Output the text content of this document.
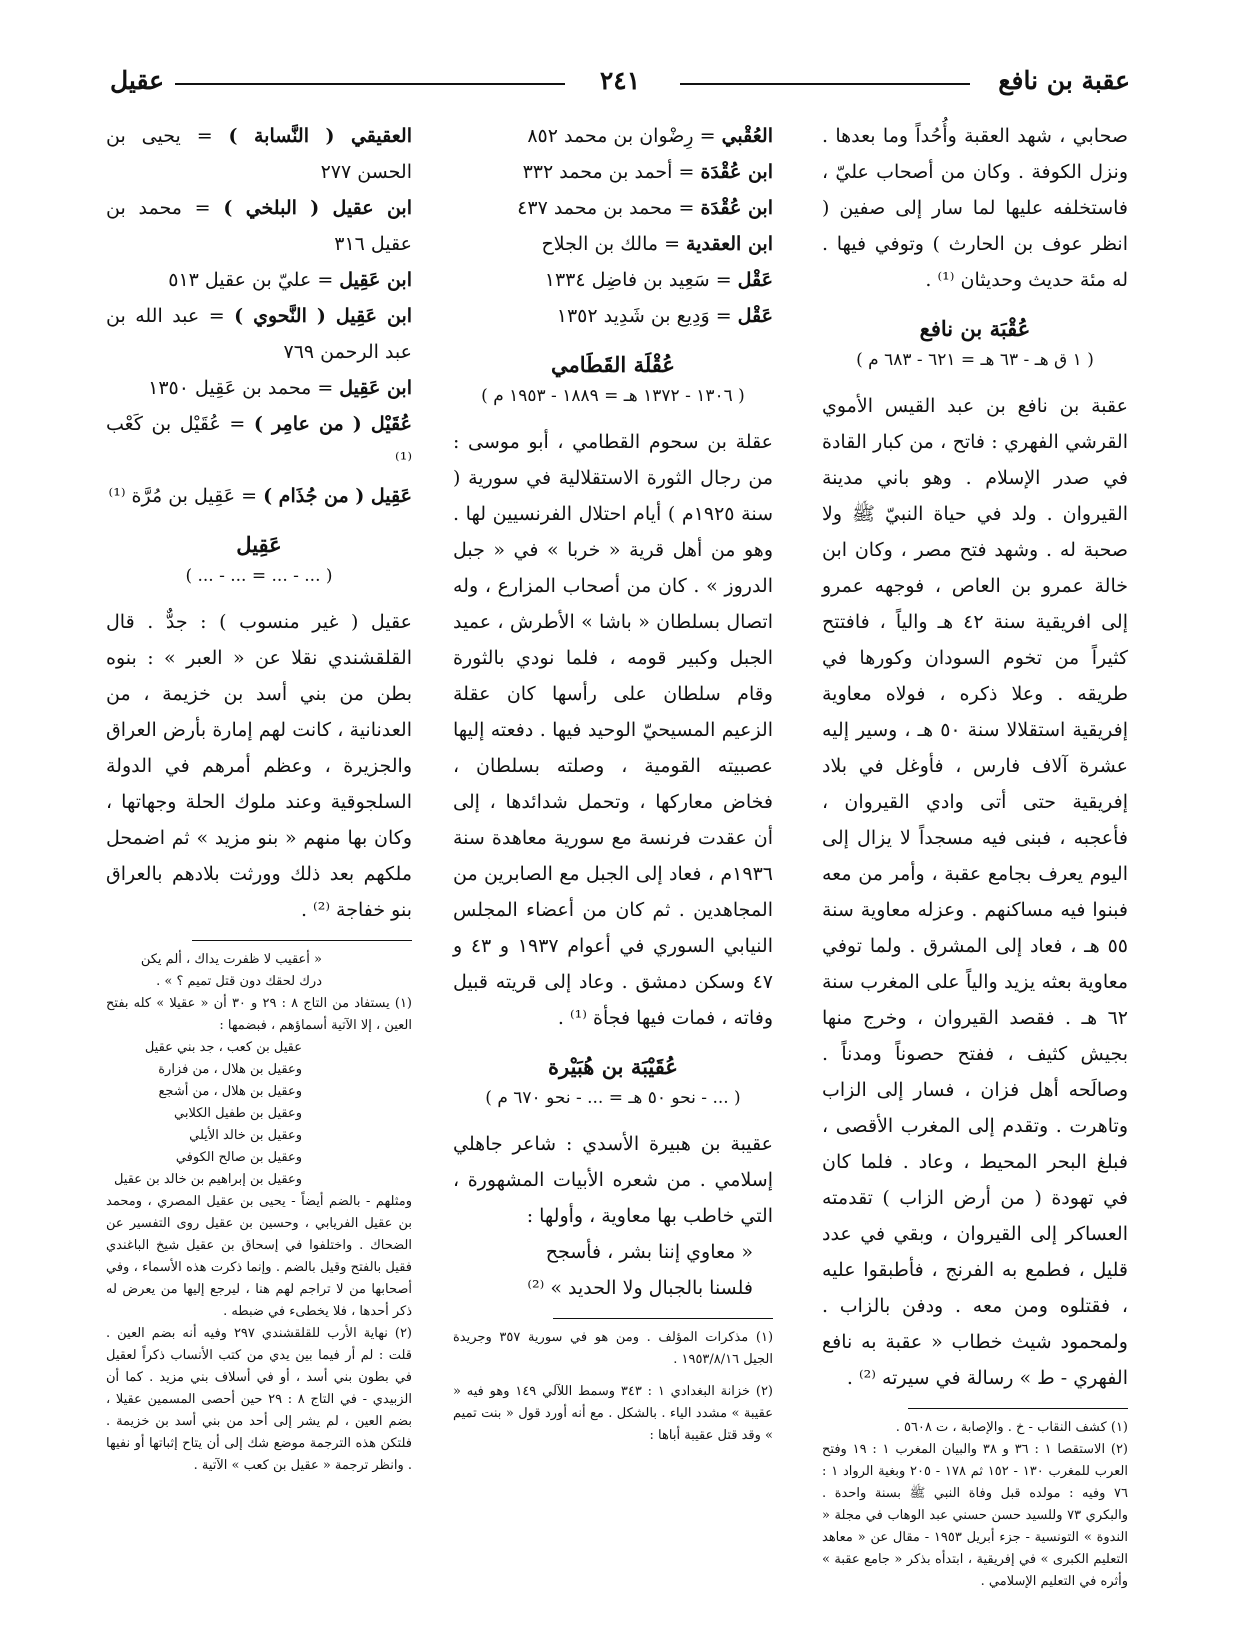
عقبة بن نافع
٢٤١
عقيل

صحابي ، شهد العقبة وأُحُداً وما بعدها . ونزل الكوفة . وكان من أصحاب عليّ ، فاستخلفه عليها لما سار إلى صفين ( انظر عوف بن الحارث ) وتوفي فيها . له مئة حديث وحديثان ⁽¹⁾ .

عُقْبَة بن نافع
( ١ ق هـ - ٦٣ هـ = ٦٢١ - ٦٨٣ م )

عقبة بن نافع بن عبد القيس الأموي القرشي الفهري : فاتح ، من كبار القادة في صدر الإسلام . وهو باني مدينة القيروان . ولد في حياة النبيّ ﷺ ولا صحبة له . وشهد فتح مصر ، وكان ابن خالة عمرو بن العاص ، فوجهه عمرو إلى افريقية سنة ٤٢ هـ والياً ، فافتتح كثيراً من تخوم السودان وكورها في طريقه . وعلا ذكره ، فولاه معاوية إفريقية استقلالا سنة ٥٠ هـ ، وسير إليه عشرة آلاف فارس ، فأوغل في بلاد إفريقية حتى أتى وادي القيروان ، فأعجبه ، فبنى فيه مسجداً لا يزال إلى اليوم يعرف بجامع عقبة ، وأمر من معه فبنوا فيه مساكنهم . وعزله معاوية سنة ٥٥ هـ ، فعاد إلى المشرق . ولما توفي معاوية بعثه يزيد والياً على المغرب سنة ٦٢ هـ . فقصد القيروان ، وخرج منها بجيش كثيف ، ففتح حصوناً ومدناً . وصالَحه أهل فزان ، فسار إلى الزاب وتاهرت . وتقدم إلى المغرب الأقصى ، فبلغ البحر المحيط ، وعاد . فلما كان في تهودة ( من أرض الزاب ) تقدمته العساكر إلى القيروان ، وبقي في عدد قليل ، فطمع به الفرنج ، فأطبقوا عليه ، فقتلوه ومن معه . ودفن بالزاب . ولمحمود شيث خطاب « عقبة به نافع الفهري - ط » رسالة في سيرته ⁽²⁾ .

(١) كشف النقاب - خ . والإصابة ، ت ٥٦٠٨ .

(٢) الاستقصا ١ : ٣٦ و ٣٨ والبيان المغرب ١ : ١٩ وفتح العرب للمغرب ١٣٠ - ١٥٢ ثم ١٧٨ - ٢٠٥ وبغية الرواد ١ : ٧٦ وفيه : مولده قبل وفاة النبي ﷺ بسنة واحدة . والبكري ٧٣ وللسيد حسن حسني عبد الوهاب في مجلة « الندوة » التونسية - جزء أبريل ١٩٥٣ - مقال عن « معاهد التعليم الكبرى » في إفريقية ، ابتدأه بذكر « جامع عقبة » وأثره في التعليم الإسلامي .

العُقْبي = رِضْوان بن محمد ٨٥٢
ابن عُقْدَة = أحمد بن محمد ٣٣٢
ابن عُقْدَة = محمد بن محمد ٤٣٧
ابن العقدية = مالك بن الجلاح
عَقْل = سَعِيد بن فاضِل ١٣٣٤
عَقْل = وَدِيع بن شَدِيد ١٣٥٢
عُقْلَة القَطَامي
( ١٣٠٦ - ١٣٧٢ هـ = ١٨٨٩ - ١٩٥٣ م )

عقلة بن سحوم القطامي ، أبو موسى : من رجال الثورة الاستقلالية في سورية ( سنة ١٩٢٥م ) أيام احتلال الفرنسيين لها . وهو من أهل قرية « خربا » في « جبل الدروز » . كان من أصحاب المزارع ، وله اتصال بسلطان « باشا » الأطرش ، عميد الجبل وكبير قومه ، فلما نودي بالثورة وقام سلطان على رأسها كان عقلة الزعيم المسيحيّ الوحيد فيها . دفعته إليها عصبيته القومية ، وصلته بسلطان ، فخاض معاركها ، وتحمل شدائدها ، إلى أن عقدت فرنسة مع سورية معاهدة سنة ١٩٣٦م ، فعاد إلى الجبل مع الصابرين من المجاهدين . ثم كان من أعضاء المجلس النيابي السوري في أعوام ١٩٣٧ و ٤٣ و ٤٧ وسكن دمشق . وعاد إلى قريته قبيل وفاته ، فمات فيها فجأة ⁽¹⁾ .

عُقَيْبَة بن هُبَيْرة
( ... - نحو ٥٠ هـ = ... - نحو ٦٧٠ م )

عقيبة بن هبيرة الأسدي : شاعر جاهلي إسلامي . من شعره الأبيات المشهورة ، التي خاطب بها معاوية ، وأولها :

« معاوي إننا بشر ، فأسجح

فلسنا بالجبال ولا الحديد » ⁽²⁾

(١) مذكرات المؤلف . ومن هو في سورية ٣٥٧ وجريدة الجيل ١٩٥٣/٨/١٦ .

(٢) خزانة البغدادي ١ : ٣٤٣ وسمط اللآلي ١٤٩ وهو فيه « عقيبة » مشدد الياء . بالشكل . مع أنه أورد قول « بنت تميم » وقد قتل عقيبة أباها :

العقيقي ( النَّسابة ) = يحيى بن الحسن ٢٧٧
ابن عقيل ( البلخي ) = محمد بن عقيل ٣١٦
ابن عَقِيل = عليّ بن عقيل ٥١٣
ابن عَقِيل ( النَّحوي ) = عبد الله بن عبد الرحمن ٧٦٩
ابن عَقِيل = محمد بن عَقِيل ١٣٥٠
عُقَيْل ( من عامِر ) = عُقَيْل بن كَعْب ⁽¹⁾
عَقِيل ( من جُذَام ) = عَقِيل بن مُرَّة ⁽¹⁾
عَقِيل
( ... - ... = ... - ... )

عقيل ( غير منسوب ) : جدٌّ . قال القلقشندي نقلا عن « العبر » : بنوه بطن من بني أسد بن خزيمة ، من العدنانية ، كانت لهم إمارة بأرض العراق والجزيرة ، وعظم أمرهم في الدولة السلجوقية وعند ملوك الحلة وجهاتها ، وكان بها منهم « بنو مزيد » ثم اضمحل ملكهم بعد ذلك وورثت بلادهم بالعراق بنو خفاجة ⁽²⁾ .

« أعقيب لا ظفرت يداك ، ألم يكن

درك لحقك دون قتل تميم ؟ » .

(١) يستفاد من التاج ٨ : ٢٩ و ٣٠ أن « عقيلا » كله بفتح العين ، إلا الآتية أسماؤهم ، فبضمها :

عقيل بن كعب ، جد بني عقيل

وعقيل بن هلال ، من فزارة

وعقيل بن هلال ، من أشجع

وعقيل بن طفيل الكلابي

وعقيل بن خالد الأيلي

وعقيل بن صالح الكوفي

وعقيل بن إبراهيم بن خالد بن عقيل

ومثلهم - بالضم أيضاً - يحيى بن عقيل المصري ، ومحمد بن عقيل الفريابي ، وحسين بن عقيل روى التفسير عن الضحاك . واختلفوا في إسحاق بن عقيل شيخ الباغندي فقيل بالفتح وقيل بالضم . وإنما ذكرت هذه الأسماء ، وفي أصحابها من لا تراجم لهم هنا ، ليرجع إليها من يعرض له ذكر أحدها ، فلا يخطىء في ضبطه .

(٢) نهاية الأرب للقلقشندي ٢٩٧ وفيه أنه بضم العين . قلت : لم أر فيما بين يدي من كتب الأنساب ذكراً لعقيل في بطون بني أسد ، أو في أسلاف بني مزيد . كما أن الزبيدي - في التاج ٨ : ٢٩ حين أحصى المسمين عقيلا ، بضم العين ، لم يشر إلى أحد من بني أسد بن خزيمة . فلتكن هذه الترجمة موضع شك إلى أن يتاح إثباتها أو نفيها . وانظر ترجمة « عقيل بن كعب » الآتية .
